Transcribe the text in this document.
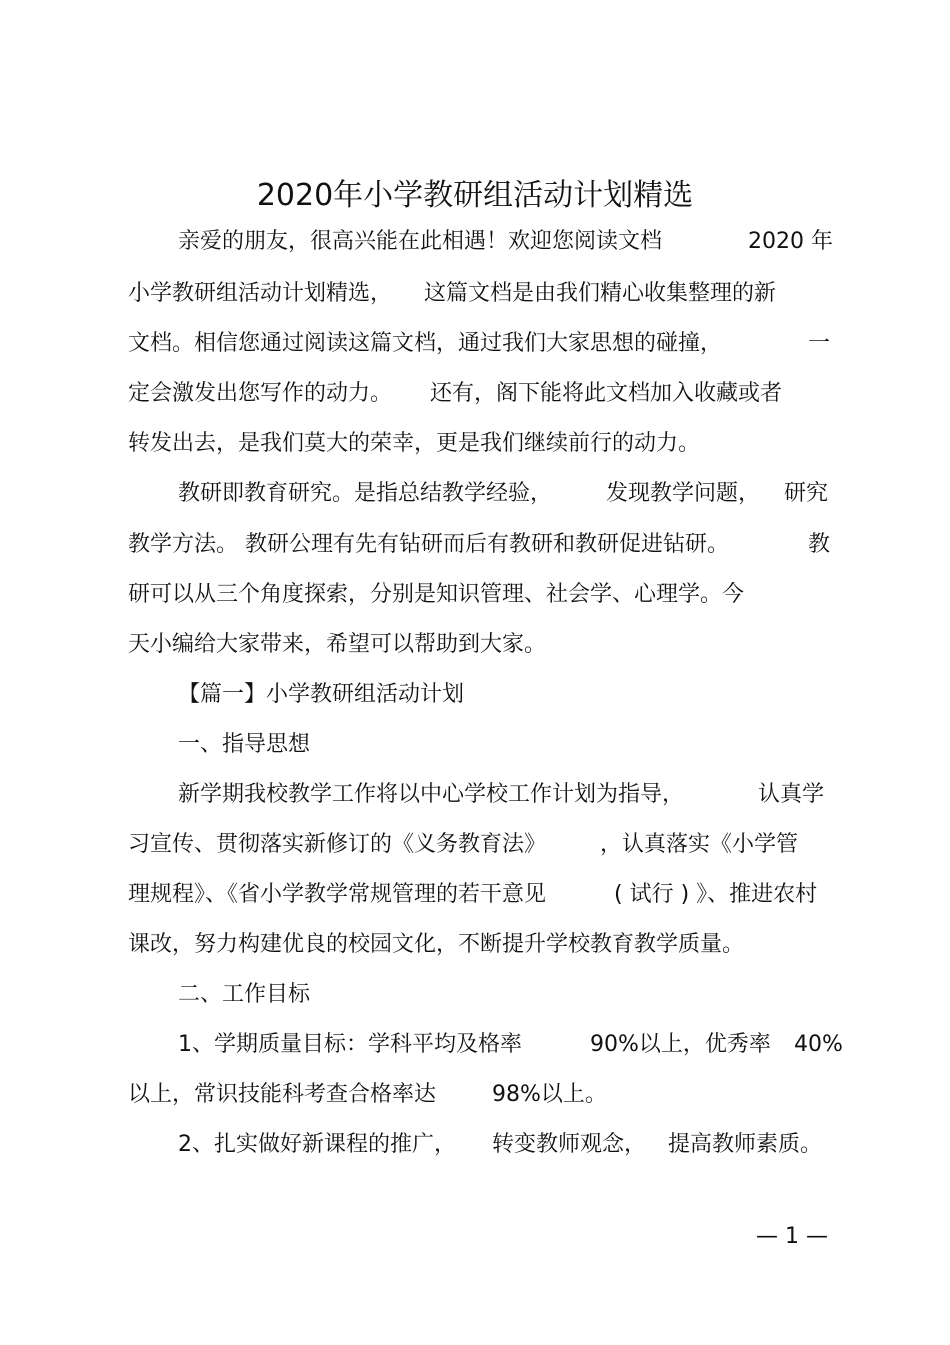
2020年小学教研组活动计划精选
亲爱的朋友，很高兴能在此相遇！欢迎您阅读文档	2020 年
小学教研组活动计划精选， 这篇文档是由我们精心收集整理的新
文档。相信您通过阅读这篇文档，通过我们大家思想的碰撞，	一
定会激发出您写作的动力。 还有，阁下能将此文档加入收藏或者
转发出去，是我们莫大的荣幸，更是我们继续前行的动力。
教研即教育研究。是指总结教学经验， 发现教学问题， 研究
教学方法。 教研公理有先有钻研而后有教研和教研促进钻研。	教
研可以从三个角度探索，分别是知识管理、社会学、心理学。今
天小编给大家带来，希望可以帮助到大家。
【篇一】小学教研组活动计划
一、指导思想
新学期我校教学工作将以中心学校工作计划为指导，	认真学
习宣传、贯彻落实新修订的《义务教育法》 ，认真落实《小学管
理规程》、《省小学教学常规管理的若干意见	( 试行 ) 》、推进农村
课改，努力构建优良的校园文化，不断提升学校教育教学质量。
二、工作目标
1、学期质量目标：学科平均及格率	90%以上，优秀率 40%
以上，常识技能科考查合格率达	98%以上。
2、扎实做好新课程的推广， 转变教师观念， 提高教师素质。
— 1 —
